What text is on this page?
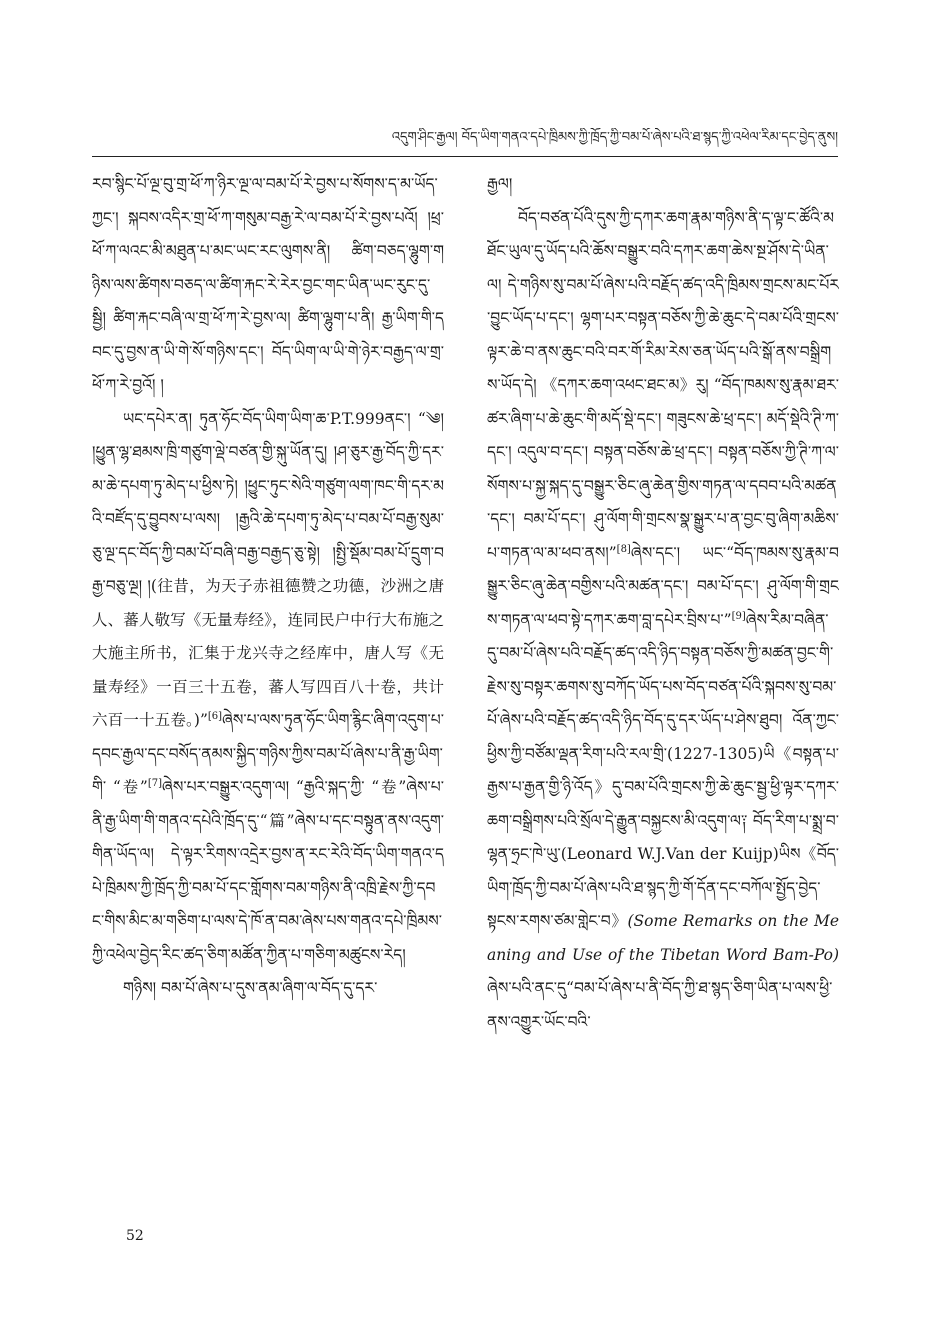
འདུག་ཤིང་རྒྱལ། བོད་ཡིག་གནའ་དཔེ་ཁྲིམས་ཀྱི་ཁྲོད་ཀྱི་བམ་པོ་ཞེས་པའི་ཐ་སྙད་ཀྱི་འཕེལ་རིམ་དང་བྱེད་ནུས།

རབ་སྙིང་པོ་ལྔ་བུ་གྲ་ཕོ་ཀ་ཉིར་ལྔ་ལ་བམ་པོ་རེ་བྱས་པ་སོགས་ད་མ་ཡོད་ཀྱང་། སྐབས་འདིར་གྲ་ཕོ་ཀ་གསུམ་བརྒྱ་རེ་ལ་བམ་པོ་རེ་བྱས་པའོ། །ཕྲ་ཕོ་ཀ་ལའང་མི་མཐུན་པ་མང་ཡང་རང་ལུགས་ནི། ཚིག་བཅད་ལྷུག་གཉིས་ལས་ཚིགས་བཅད་ལ་ཚིག་རྐང་རེ་རེར་བྱང་གང་ཡིན་ཡང་རུང་དུ་སྦྱི། ཚིག་རྐང་བཞི་ལ་གྲ་ཕོ་ཀ་རེ་བྱས་ལ། ཚིག་ལྷུག་པ་ནི། རྒྱ་ཡིག་གི་དབང་དུ་བྱས་ན་ཡི་གེ་སོ་གཉིས་དང་། བོད་ཡིག་ལ་ཡི་གེ་ཉེར་བརྒྱད་ལ་གྲ་ཕོ་ཀ་རེ་བྱའོ། །

ཡང་དཔེར་ན། ཏུན་ཧོང་བོད་ཡིག་ཡིག་ཆ་P.T.999ནང་། “༄། །ཕྱུན་ལྷ་ཐམས་ཁྲི་གཙུག་ལྡེ་བཙན་གྱི་སྐུ་ཡོན་དུ། །ཤ་ཅུར་རྒྱ་བོད་ཀྱི་དར་མ་ཆེ་དཔག་ཏུ་མེད་པ་ཕྱིས་ཏེ། །ཕྱུང་ཏུང་སེའི་གཙུག་ལག་ཁང་གི་དར་མའི་བཛོད་དུ་བྱུབས་པ་ལས། །རྒྱའི་ཆེ་དཔག་ཏུ་མེད་པ་བམ་པོ་བརྒྱ་སུམ་ཅུ་ལྔ་དང་བོད་ཀྱི་བམ་པོ་བཞི་བརྒྱ་བརྒྱད་ཅུ་སྟེ། །སྤྱི་སྡོམ་བམ་པོ་དྲུག་བརྒྱ་བཅུ་ལྔ། །(往昔，为天子赤祖德赞之功德，沙洲之唐人、蕃人敬写《无量寿经》，连同民户中行大布施之大施主所书，汇集于龙兴寺之经库中，唐人写《无量寿经》一百三十五卷，蕃人写四百八十卷，共计六百一十五卷。)”[6]ཞེས་པ་ལས་ཏུན་ཧོང་ཡིག་རྙིང་ཞིག་འདུག་པ་དབང་རྒྱལ་དང་བསོད་ནམས་སྐྱིད་གཉིས་ཀྱིས་བམ་པོ་ཞེས་པ་ནི་རྒྱ་ཡིག་གི་ “卷”[7]ཞེས་པར་བསྒྱུར་འདུག་ལ། “རྒྱའི་སྐད་ཀྱི་ “卷”ཞེས་པ་ནི་རྒྱ་ཡིག་གི་གནའ་དཔེའི་ཁྲོད་དུ་“篇”ཞེས་པ་དང་བསྟུན་ནས་འདུག་གིན་ཡོད་ལ། དེ་ལྟར་རིགས་འདྲེར་བྱས་ན་རང་རེའི་བོད་ཡིག་གནའ་དཔེ་ཁྲིམས་ཀྱི་ཁྲོད་ཀྱི་བམ་པོ་དང་གློགས་བམ་གཉིས་ནི་འཁྲི་རྗེས་ཀྱི་དབང་གིས་མིང་མ་གཅིག་པ་ལས་དེ་ཁོ་ན་བམ་ཞེས་པས་གནའ་དཔེ་ཁྲིམས་ཀྱི་འཕེལ་བྱེད་རིང་ཚད་ཅིག་མཚོན་ཀྱིན་པ་གཅིག་མཚུངས་རེད།

གཉིས། བམ་པོ་ཞེས་པ་དུས་ནམ་ཞིག་ལ་བོད་དུ་དར་

རྒྱལ།

བོད་བཙན་པོའི་དུས་ཀྱི་དཀར་ཆག་རྣམ་གཉིས་ནི་ད་ལྟ་ང་ཚོའི་མཐོང་ཡུལ་དུ་ཡོད་པའི་ཆོས་བསྒྱུར་བའི་དཀར་ཆག་ཆེས་སྔ་ཤོས་དེ་ཡིན་ལ། དེ་གཉིས་སུ་བམ་པོ་ཞེས་པའི་བརྗོད་ཚད་འདི་ཁྲིམས་གྲངས་མང་པོར་བྱུང་ཡོད་པ་དང་། ལྷག་པར་བསྟན་བཅོས་ཀྱི་ཆེ་ཆུང་དེ་བམ་པོའི་གྲངས་ལྟར་ཆེ་བ་ནས་ཆུང་བའི་བར་གོ་རིམ་རེས་ཅན་ཡོད་པའི་སྒོ་ནས་བསྒྲིགས་ཡོད་དེ། 《དཀར་ཆག་འཕང་ཐང་མ》རུ། “བོད་ཁམས་སུ་རྣམ་ཐར་ཚར་ཞིག་པ་ཆེ་ཆུང་གི་མདོ་སྡེ་དང་། གཟུངས་ཆེ་ཕྲ་དང་། མདོ་སྡེའི་ཊི་ཀ་དང་། འདུལ་བ་དང་། བསྟན་བཅོས་ཆེ་ཕྲ་དང་། བསྟན་བཅོས་ཀྱི་ཊི་ཀ་ལ་སོགས་པ་སྐྱ་སྐད་དུ་བསྒྱུར་ཅིང་ཞུ་ཆེན་གྱིས་གཏན་ལ་དབབ་པའི་མཚན་དང་། བམ་པོ་དང་། ཤུ་ལོག་གི་གྲངས་སྣ་སྒྱུར་པ་ན་བྱང་བུ་ཞིག་མཆིས་པ་གཏན་ལ་མ་ཕབ་ནས།”[8]ཞེས་དང་། ཡང་“བོད་ཁམས་སུ་རྣམ་བསྒྱུར་ཅིང་ཞུ་ཆེན་བགྱིས་པའི་མཚན་དང་། བམ་པོ་དང་། ཤུ་ལོག་གི་གྲངས་གཏན་ལ་ཕབ་སྟེ་དཀར་ཆག་བླ་དཔེར་བྲིས་པ་”[9]ཞེས་རིམ་བཞིན་དུ་བམ་པོ་ཞེས་པའི་བརྗོད་ཚད་འདི་ཉིད་བསྟན་བཅོས་ཀྱི་མཚན་བྱང་གི་རྗེས་སུ་བསྟར་ཆགས་སུ་བཀོད་ཡོད་པས་བོད་བཙན་པོའི་སྐབས་སུ་བམ་པོ་ཞེས་པའི་བརྗོད་ཚད་འདི་ཉིད་བོད་དུ་དར་ཡོད་པ་ཤེས་ཐུབ། འོན་ཀྱང་ཕྱིས་ཀྱི་བཙོམ་ལྡན་རིག་པའི་རལ་གྲི་(1227-1305)ཡི《བསྟན་པ་རྒྱས་པ་རྒྱན་གྱི་ཉི་འོད》དུ་བམ་པོའི་གྲངས་ཀྱི་ཆེ་ཆུང་སྦྱ་ཕྱི་ལྟར་དཀར་ཆག་བསྒྲིགས་པའི་སྲོལ་དེ་རྒྱུན་བསྐྱངས་མི་འདུག་ལ༑ བོད་རིག་པ་སྨྲ་བ་ལྷན་ཧྲང་ཁེ་ཡུ་(Leonard W.J.Van der Kuijp)ཡིས《བོད་ཡིག་ཁྲོད་ཀྱི་བམ་པོ་ཞེས་པའི་ཐ་སྙད་ཀྱི་གོ་དོན་དང་བཀོལ་སྤྱོད་བྱེད་སྟངས་རགས་ཙམ་གླེང་བ》(Some Remarks on the Meaning and Use of the Tibetan Word Bam-Po)ཞེས་པའི་ནང་དུ“བམ་པོ་ཞེས་པ་ནི་བོད་ཀྱི་ཐ་སྙད་ཅིག་ཡིན་པ་ལས་ཕྱི་ནས་འགྱུར་ཡོང་བའི་

52
